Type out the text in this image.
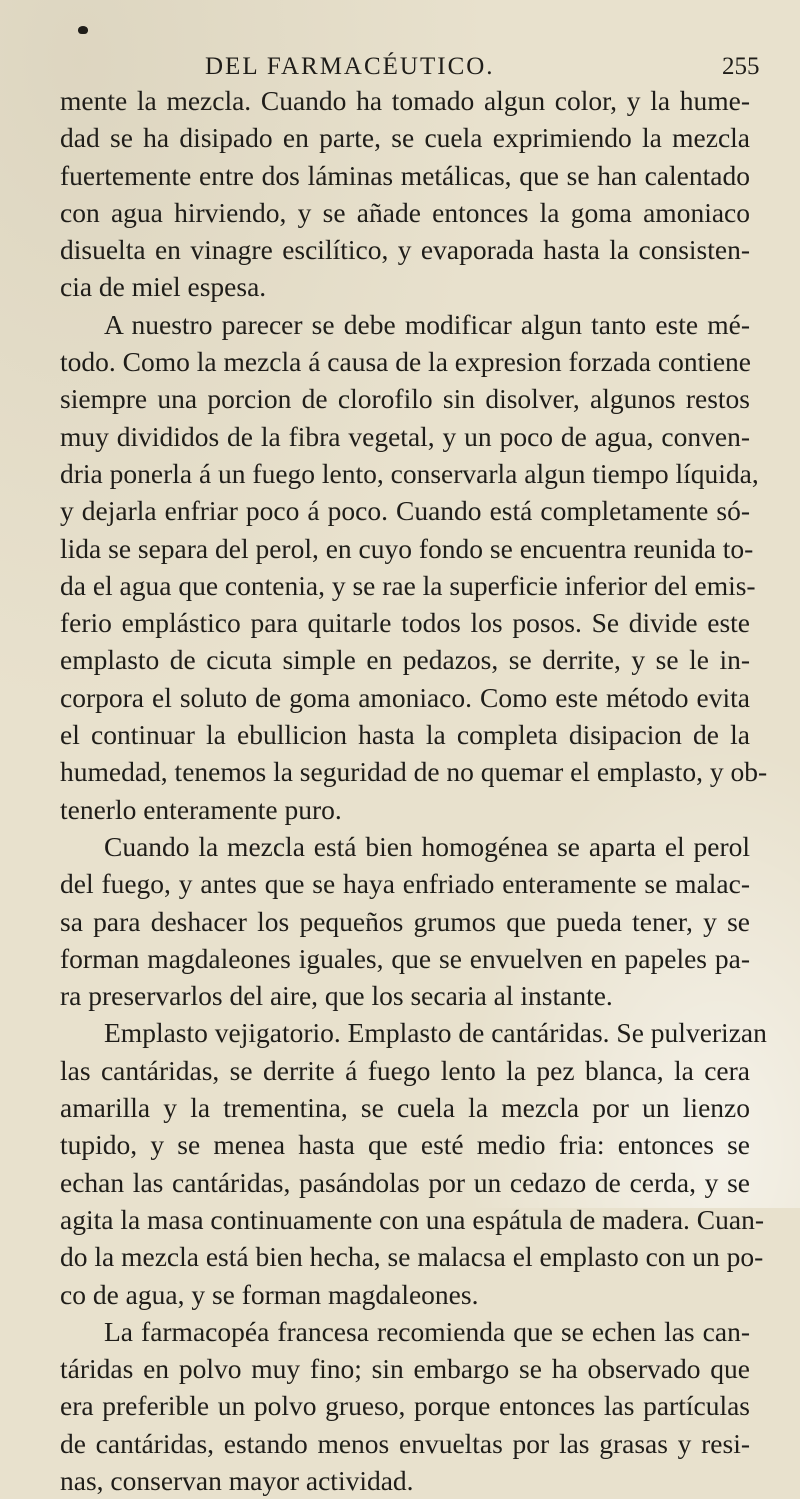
DEL FARMACÉUTICO.	255
mente la mezcla. Cuando ha tomado algun color, y la hume-
dad se ha disipado en parte, se cuela exprimiendo la mezcla
fuertemente entre dos láminas metálicas, que se han calentado
con agua hirviendo, y se añade entonces la goma amoniaco
disuelta en vinagre escilítico, y evaporada hasta la consisten-
cia de miel espesa.
A nuestro parecer se debe modificar algun tanto este mé-
todo. Como la mezcla á causa de la expresion forzada contiene
siempre una porcion de clorofilo sin disolver, algunos restos
muy divididos de la fibra vegetal, y un poco de agua, conven-
dria ponerla á un fuego lento, conservarla algun tiempo líquida,
y dejarla enfriar poco á poco. Cuando está completamente só-
lida se separa del perol, en cuyo fondo se encuentra reunida to-
da el agua que contenia, y se rae la superficie inferior del emis-
ferio emplástico para quitarle todos los posos. Se divide este
emplasto de cicuta simple en pedazos, se derrite, y se le in-
corpora el soluto de goma amoniaco. Como este método evita
el continuar la ebullicion hasta la completa disipacion de la
humedad, tenemos la seguridad de no quemar el emplasto, y ob-
tenerlo enteramente puro.
Cuando la mezcla está bien homogénea se aparta el perol
del fuego, y antes que se haya enfriado enteramente se malac-
sa para deshacer los pequeños grumos que pueda tener, y se
forman magdaleones iguales, que se envuelven en papeles pa-
ra preservarlos del aire, que los secaria al instante.
Emplasto vejigatorio. Emplasto de cantáridas. Se pulverizan
las cantáridas, se derrite á fuego lento la pez blanca, la cera
amarilla y la trementina, se cuela la mezcla por un lienzo
tupido, y se menea hasta que esté medio fria: entonces se
echan las cantáridas, pasándolas por un cedazo de cerda, y se
agita la masa continuamente con una espátula de madera. Cuan-
do la mezcla está bien hecha, se malacsa el emplasto con un po-
co de agua, y se forman magdaleones.
La farmacopéa francesa recomienda que se echen las can-
táridas en polvo muy fino; sin embargo se ha observado que
era preferible un polvo grueso, porque entonces las partículas
de cantáridas, estando menos envueltas por las grasas y resi-
nas, conservan mayor actividad.
